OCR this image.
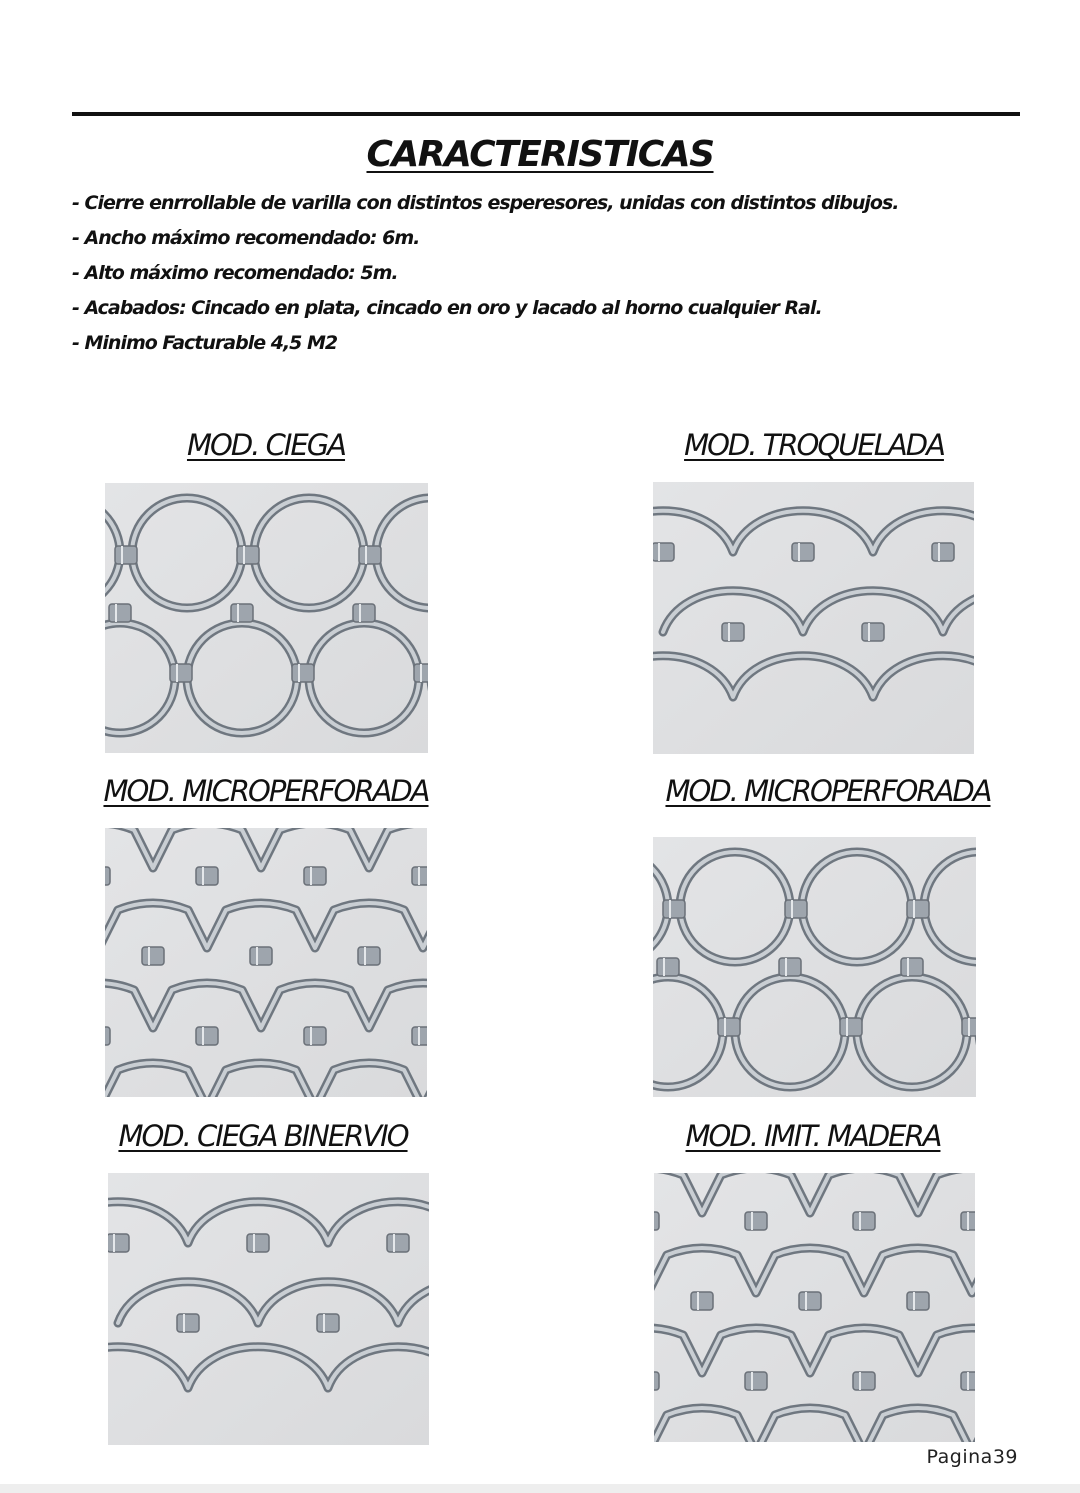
CARACTERISTICAS
- Cierre enrrollable de varilla con distintos esperesores, unidas con distintos dibujos.
- Ancho máximo recomendado: 6m.
- Alto máximo recomendado: 5m.
- Acabados: Cincado en plata, cincado en oro y lacado al horno cualquier Ral.
- Minimo Facturable 4,5 M2
MOD. CIEGA	MOD. TROQUELADA
MOD. MICROPERFORADA	MOD. MICROPERFORADA
MOD. CIEGA BINERVIO	MOD. IMIT. MADERA
Pagina39
